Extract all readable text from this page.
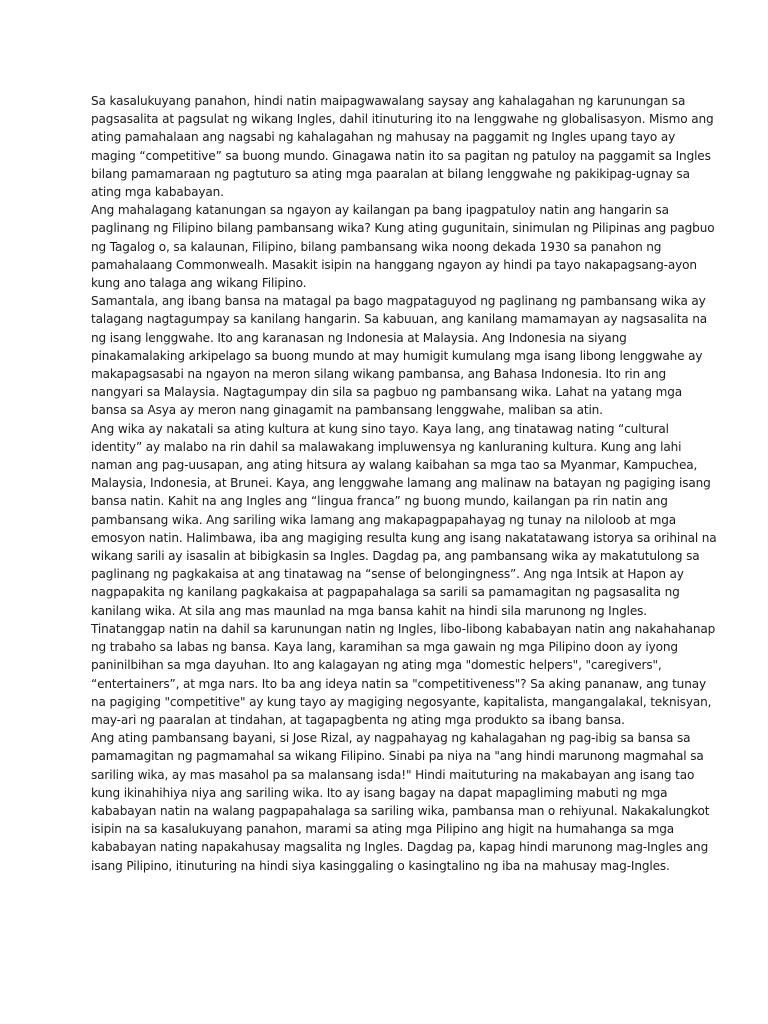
Sa kasalukuyang panahon, hindi natin maipagwawalang saysay ang kahalagahan ng karunungan sa
pagsasalita at pagsulat ng wikang Ingles, dahil itinuturing ito na lenggwahe ng globalisasyon. Mismo ang
ating pamahalaan ang nagsabi ng kahalagahan ng mahusay na paggamit ng Ingles upang tayo ay
maging “competitive” sa buong mundo. Ginagawa natin ito sa pagitan ng patuloy na paggamit sa Ingles
bilang pamamaraan ng pagtuturo sa ating mga paaralan at bilang lenggwahe ng pakikipag-ugnay sa
ating mga kababayan.
Ang mahalagang katanungan sa ngayon ay kailangan pa bang ipagpatuloy natin ang hangarin sa
paglinang ng Filipino bilang pambansang wika? Kung ating gugunitain, sinimulan ng Pilipinas ang pagbuo
ng Tagalog o, sa kalaunan, Filipino, bilang pambansang wika noong dekada 1930 sa panahon ng
pamahalaang Commonwealh. Masakit isipin na hanggang ngayon ay hindi pa tayo nakapagsang-ayon
kung ano talaga ang wikang Filipino.
Samantala, ang ibang bansa na matagal pa bago magpataguyod ng paglinang ng pambansang wika ay
talagang nagtagumpay sa kanilang hangarin. Sa kabuuan, ang kanilang mamamayan ay nagsasalita na
ng isang lenggwahe. Ito ang karanasan ng Indonesia at Malaysia. Ang Indonesia na siyang
pinakamalaking arkipelago sa buong mundo at may humigit kumulang mga isang libong lenggwahe ay
makapagsasabi na ngayon na meron silang wikang pambansa, ang Bahasa Indonesia. Ito rin ang
nangyari sa Malaysia. Nagtagumpay din sila sa pagbuo ng pambansang wika. Lahat na yatang mga
bansa sa Asya ay meron nang ginagamit na pambansang lenggwahe, maliban sa atin.
Ang wika ay nakatali sa ating kultura at kung sino tayo. Kaya lang, ang tinatawag nating “cultural
identity” ay malabo na rin dahil sa malawakang impluwensya ng kanluraning kultura. Kung ang lahi
naman ang pag-uusapan, ang ating hitsura ay walang kaibahan sa mga tao sa Myanmar, Kampuchea,
Malaysia, Indonesia, at Brunei. Kaya, ang lenggwahe lamang ang malinaw na batayan ng pagiging isang
bansa natin. Kahit na ang Ingles ang “lingua franca” ng buong mundo, kailangan pa rin natin ang
pambansang wika. Ang sariling wika lamang ang makapagpapahayag ng tunay na niloloob at mga
emosyon natin. Halimbawa, iba ang magiging resulta kung ang isang nakatatawang istorya sa orihinal na
wikang sarili ay isasalin at bibigkasin sa Ingles. Dagdag pa, ang pambansang wika ay makatutulong sa
paglinang ng pagkakaisa at ang tinatawag na “sense of belongingness”. Ang nga Intsik at Hapon ay
nagpapakita ng kanilang pagkakaisa at pagpapahalaga sa sarili sa pamamagitan ng pagsasalita ng
kanilang wika. At sila ang mas maunlad na mga bansa kahit na hindi sila marunong ng Ingles.
Tinatanggap natin na dahil sa karunungan natin ng Ingles, libo-libong kababayan natin ang nakahahanap
ng trabaho sa labas ng bansa. Kaya lang, karamihan sa mga gawain ng mga Pilipino doon ay iyong
paninilbihan sa mga dayuhan. Ito ang kalagayan ng ating mga "domestic helpers", "caregivers",
“entertainers”, at mga nars. Ito ba ang ideya natin sa "competitiveness"? Sa aking pananaw, ang tunay
na pagiging "competitive" ay kung tayo ay magiging negosyante, kapitalista, mangangalakal, teknisyan,
may-ari ng paaralan at tindahan, at tagapagbenta ng ating mga produkto sa ibang bansa.
Ang ating pambansang bayani, si Jose Rizal, ay nagpahayag ng kahalagahan ng pag-ibig sa bansa sa
pamamagitan ng pagmamahal sa wikang Filipino. Sinabi pa niya na "ang hindi marunong magmahal sa
sariling wika, ay mas masahol pa sa malansang isda!" Hindi maituturing na makabayan ang isang tao
kung ikinahihiya niya ang sariling wika. Ito ay isang bagay na dapat mapagliming mabuti ng mga
kababayan natin na walang pagpapahalaga sa sariling wika, pambansa man o rehiyunal. Nakakalungkot
isipin na sa kasalukuyang panahon, marami sa ating mga Pilipino ang higit na humahanga sa mga
kababayan nating napakahusay magsalita ng Ingles. Dagdag pa, kapag hindi marunong mag-Ingles ang
isang Pilipino, itinuturing na hindi siya kasinggaling o kasingtalino ng iba na mahusay mag-Ingles.
